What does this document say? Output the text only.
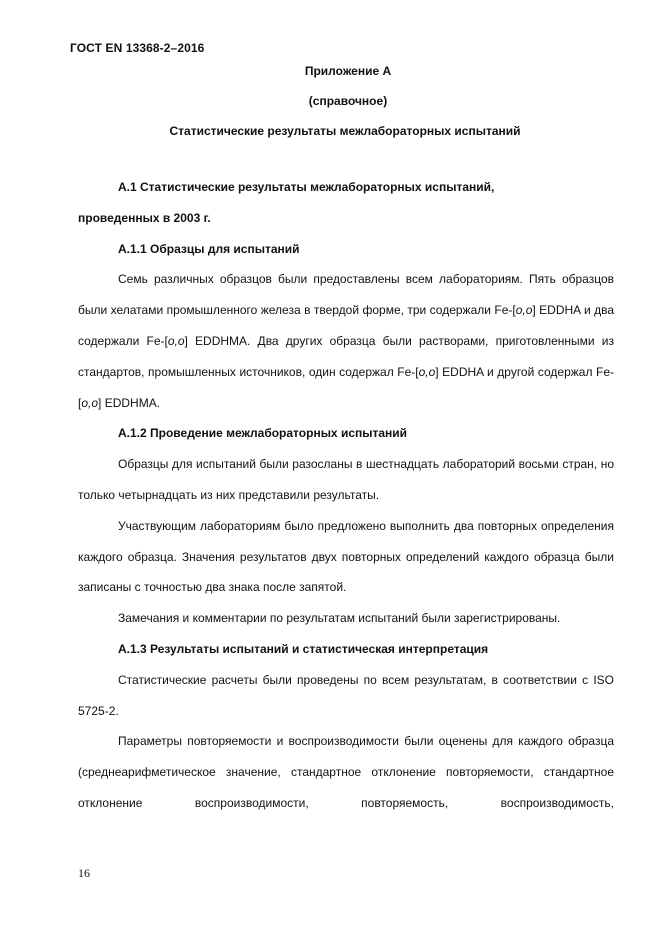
ГОСТ EN 13368-2–2016
Приложение А
(справочное)
Статистические результаты межлабораторных испытаний

А.1 Статистические результаты межлабораторных испытаний,

проведенных в 2003 г.

А.1.1 Образцы для испытаний

Семь различных образцов были предоставлены всем лабораториям. Пять образцов были хелатами промышленного железа в твердой форме, три содержали Fe-[o,o] EDDHA и два содержали Fe-[o,o] EDDHMA. Два других образца были растворами, приготовленными из стандартов, промышленных источников, один содержал Fe-[o,o] EDDHA и другой содержал Fe-[o,o] EDDHMA.

А.1.2 Проведение межлабораторных испытаний

Образцы для испытаний были разосланы в шестнадцать лабораторий восьми стран, но только четырнадцать из них представили результаты.

Участвующим лабораториям было предложено выполнить два повторных определения каждого образца. Значения результатов двух повторных определений каждого образца были записаны с точностью два знака после запятой.

Замечания и комментарии по результатам испытаний были зарегистрированы.

А.1.3 Результаты испытаний и статистическая интерпретация

Статистические расчеты были проведены по всем результатам, в соответствии с ISO 5725-2.

Параметры повторяемости и воспроизводимости были оценены для каждого образца (среднеарифметическое значение, стандартное отклонение повторяемости, стандартное отклонение воспроизводимости, повторяемость, воспроизводимость,

16
